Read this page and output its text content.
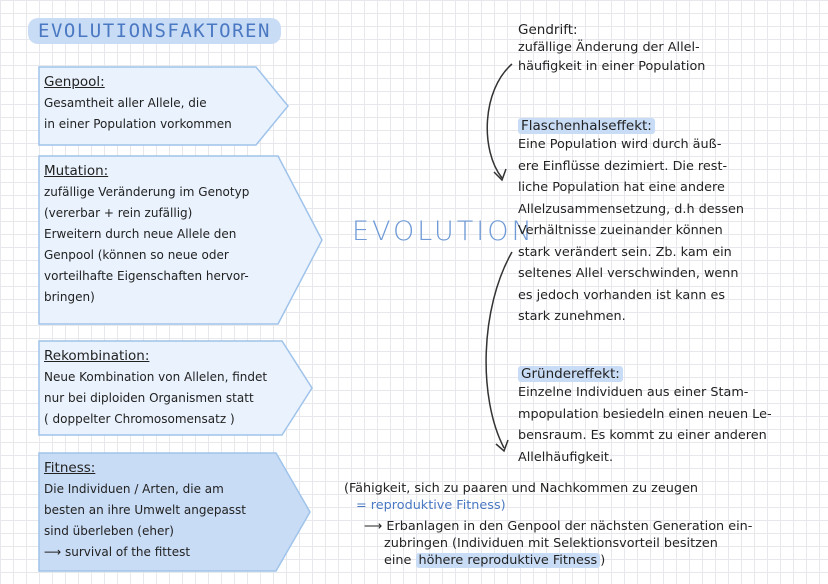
EVOLUTIONSFAKTOREN
Genpool:
Gesamtheit aller Allele, die
in einer Population vorkommen
Mutation:
zufällige Veränderung im Genotyp
(vererbar + rein zufällig)
Erweitern durch neue Allele den
Genpool (können so neue oder
vorteilhafte Eigenschaften hervor-
bringen)
Rekombination:
Neue Kombination von Allelen, findet
nur bei diploiden Organismen statt
( doppelter Chromosomensatz )
Fitness:
Die Individuen / Arten, die am
besten an ihre Umwelt angepasst
sind überleben (eher)
⟶ survival of the fittest
EVOLUTION
Gendrift:
zufällige Änderung der Allel-
häufigkeit in einer Population
Flaschenhalseffekt:
Eine Population wird durch äuß-
ere Einflüsse dezimiert. Die rest-
liche Population hat eine andere
Allelzusammensetzung, d.h dessen
Verhältnisse zueinander können
stark verändert sein. Zb. kam ein
seltenes Allel verschwinden, wenn
es jedoch vorhanden ist kann es
stark zunehmen.
Gründereffekt:
Einzelne Individuen aus einer Stam-
mpopulation besiedeln einen neuen Le-
bensraum. Es kommt zu einer anderen
Allelhäufigkeit.
(Fähigkeit, sich zu paaren und Nachkommen zu zeugen
= reproduktive Fitness)
⟶ Erbanlagen in den Genpool der nächsten Generation ein-
zubringen (Individuen mit Selektionsvorteil besitzen
eine höhere reproduktive Fitness )
